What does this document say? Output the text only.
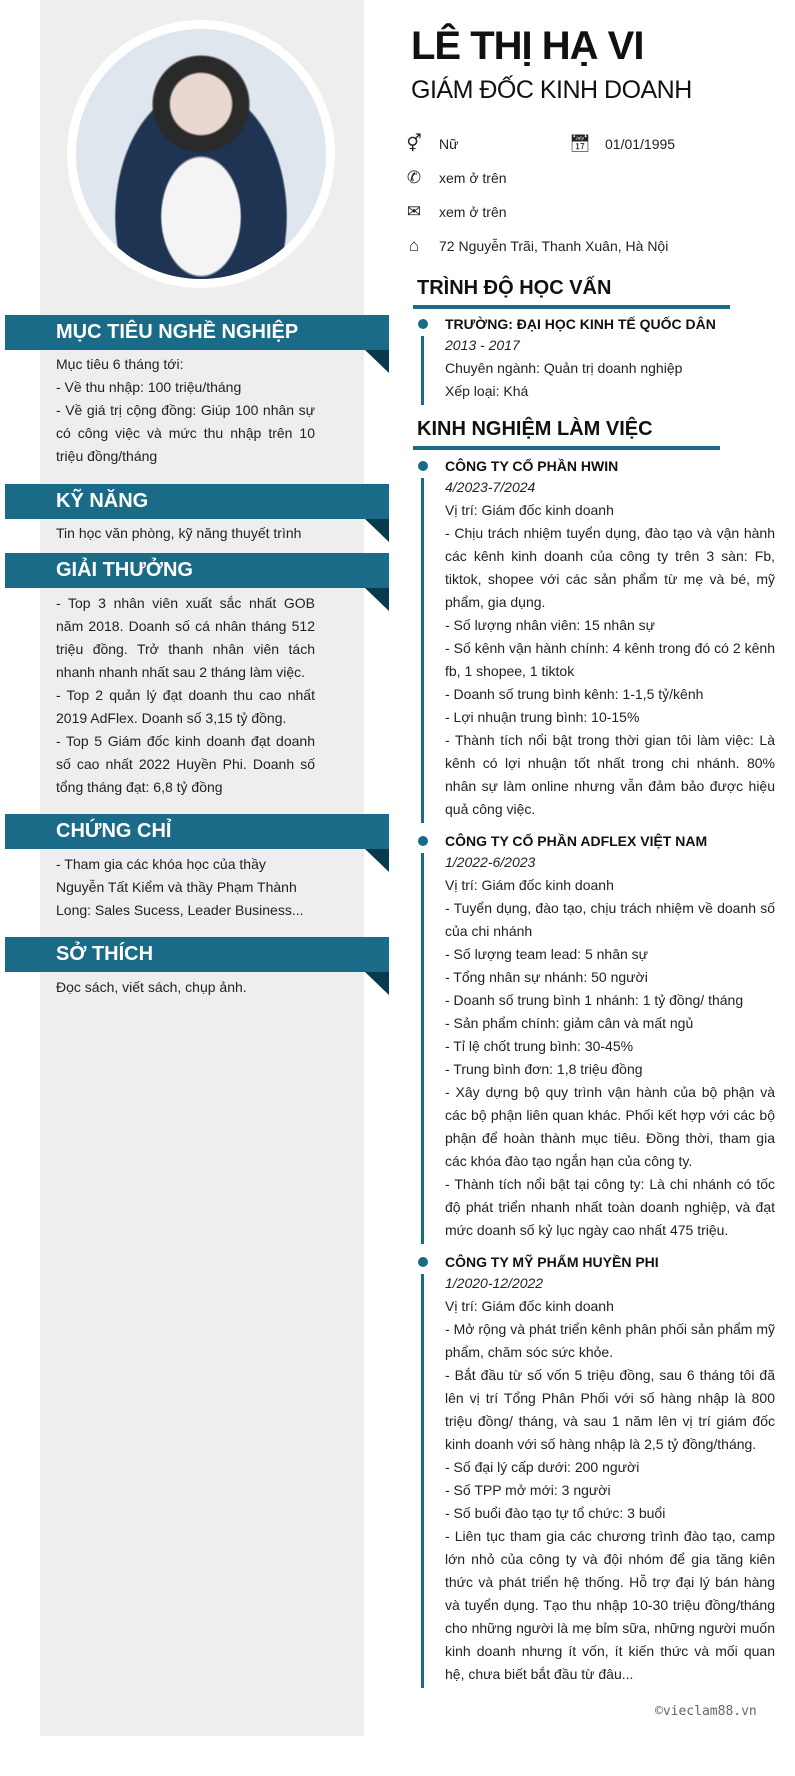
MỤC TIÊU NGHỀ NGHIỆP
Mục tiêu 6 tháng tới:
- Về thu nhập: 100 triệu/tháng
- Về giá trị cộng đồng: Giúp 100 nhân sự có công việc và mức thu nhập trên 10 triệu đồng/tháng
KỸ NĂNG
Tin học văn phòng, kỹ năng thuyết trình
GIẢI THƯỞNG
- Top 3 nhân viên xuất sắc nhất GOB năm 2018. Doanh số cá nhân tháng 512 triệu đồng. Trở thanh nhân viên tách nhanh nhanh nhất sau 2 tháng làm việc.
- Top 2 quản lý đạt doanh thu cao nhất 2019 AdFlex. Doanh số 3,15 tỷ đồng.
- Top 5 Giám đốc kinh doanh đạt doanh số cao nhất 2022 Huyền Phi. Doanh số tổng tháng đạt: 6,8 tỷ đồng
CHỨNG CHỈ
- Tham gia các khóa học của thầy Nguyễn Tất Kiểm và thầy Phạm Thành Long: Sales Sucess, Leader Business...
SỞ THÍCH
Đọc sách, viết sách, chụp ảnh.
LÊ THỊ HẠ VI
GIÁM ĐỐC KINH DOANH
⚥ Nữ	📅︎ 01/01/1995
✆ xem ở trên
✉ xem ở trên
⌂	72 Nguyễn Trãi, Thanh Xuân, Hà Nội
TRÌNH ĐỘ HỌC VẤN
TRƯỜNG: ĐẠI HỌC KINH TẾ QUỐC DÂN
2013 - 2017
Chuyên ngành: Quản trị doanh nghiệp
Xếp loại: Khá
KINH NGHIỆM LÀM VIỆC
CÔNG TY CỔ PHẦN HWIN
4/2023-7/2024
Vị trí: Giám đốc kinh doanh
- Chịu trách nhiệm tuyển dụng, đào tạo và vận hành các kênh kinh doanh của công ty trên 3 sàn: Fb, tiktok, shopee với các sản phẩm từ mẹ và bé, mỹ phẩm, gia dụng.
- Số lượng nhân viên: 15 nhân sự
- Số kênh vận hành chính: 4 kênh trong đó có 2 kênh fb, 1 shopee, 1 tiktok
- Doanh số trung bình kênh: 1-1,5 tỷ/kênh
- Lợi nhuận trung bình: 10-15%
- Thành tích nổi bật trong thời gian tôi làm việc: Là kênh có lợi nhuận tốt nhất trong chi nhánh. 80% nhân sự làm online nhưng vẫn đảm bảo được hiệu quả công việc.
CÔNG TY CỔ PHẦN ADFLEX VIỆT NAM
1/2022-6/2023
Vị trí: Giám đốc kinh doanh
- Tuyển dụng, đào tạo, chịu trách nhiệm về doanh số của chi nhánh
- Số lượng team lead: 5 nhân sự
- Tổng nhân sự nhánh: 50 người
- Doanh số trung bình 1 nhánh: 1 tỷ đồng/ tháng
- Sản phẩm chính: giảm cân và mất ngủ
- Tỉ lệ chốt trung bình: 30-45%
- Trung bình đơn: 1,8 triệu đồng
- Xây dựng bộ quy trình vận hành của bộ phận và các bộ phận liên quan khác. Phối kết hợp với các bộ phận để hoàn thành mục tiêu. Đồng thời, tham gia các khóa đào tạo ngắn hạn của công ty.
- Thành tích nổi bật tại công ty: Là chi nhánh có tốc độ phát triển nhanh nhất toàn doanh nghiệp, và đạt mức doanh số kỷ lục ngày cao nhất 475 triệu.
CÔNG TY MỸ PHẨM HUYỀN PHI
1/2020-12/2022
Vị trí: Giám đốc kinh doanh
- Mở rộng và phát triển kênh phân phối sản phẩm mỹ phẩm, chăm sóc sức khỏe.
- Bắt đầu từ số vốn 5 triệu đồng, sau 6 tháng tôi đã lên vị trí Tổng Phân Phối với số hàng nhập là 800 triệu đồng/ tháng, và sau 1 năm lên vị trí giám đốc kinh doanh với số hàng nhập là 2,5 tỷ đồng/tháng.
- Số đại lý cấp dưới: 200 người
- Số TPP mở mới: 3 người
- Số buổi đào tạo tự tổ chức: 3 buổi
- Liên tục tham gia các chương trình đào tạo, camp lớn nhỏ của công ty và đội nhóm để gia tăng kiên thức và phát triển hệ thống. Hỗ trợ đại lý bán hàng và tuyển dụng. Tạo thu nhập 10-30 triệu đồng/tháng cho những người là mẹ bỉm sữa, những người muốn kinh doanh nhưng ít vốn, ít kiến thức và mối quan hệ, chưa biết bắt đầu từ đâu...
©vieclam88.vn
